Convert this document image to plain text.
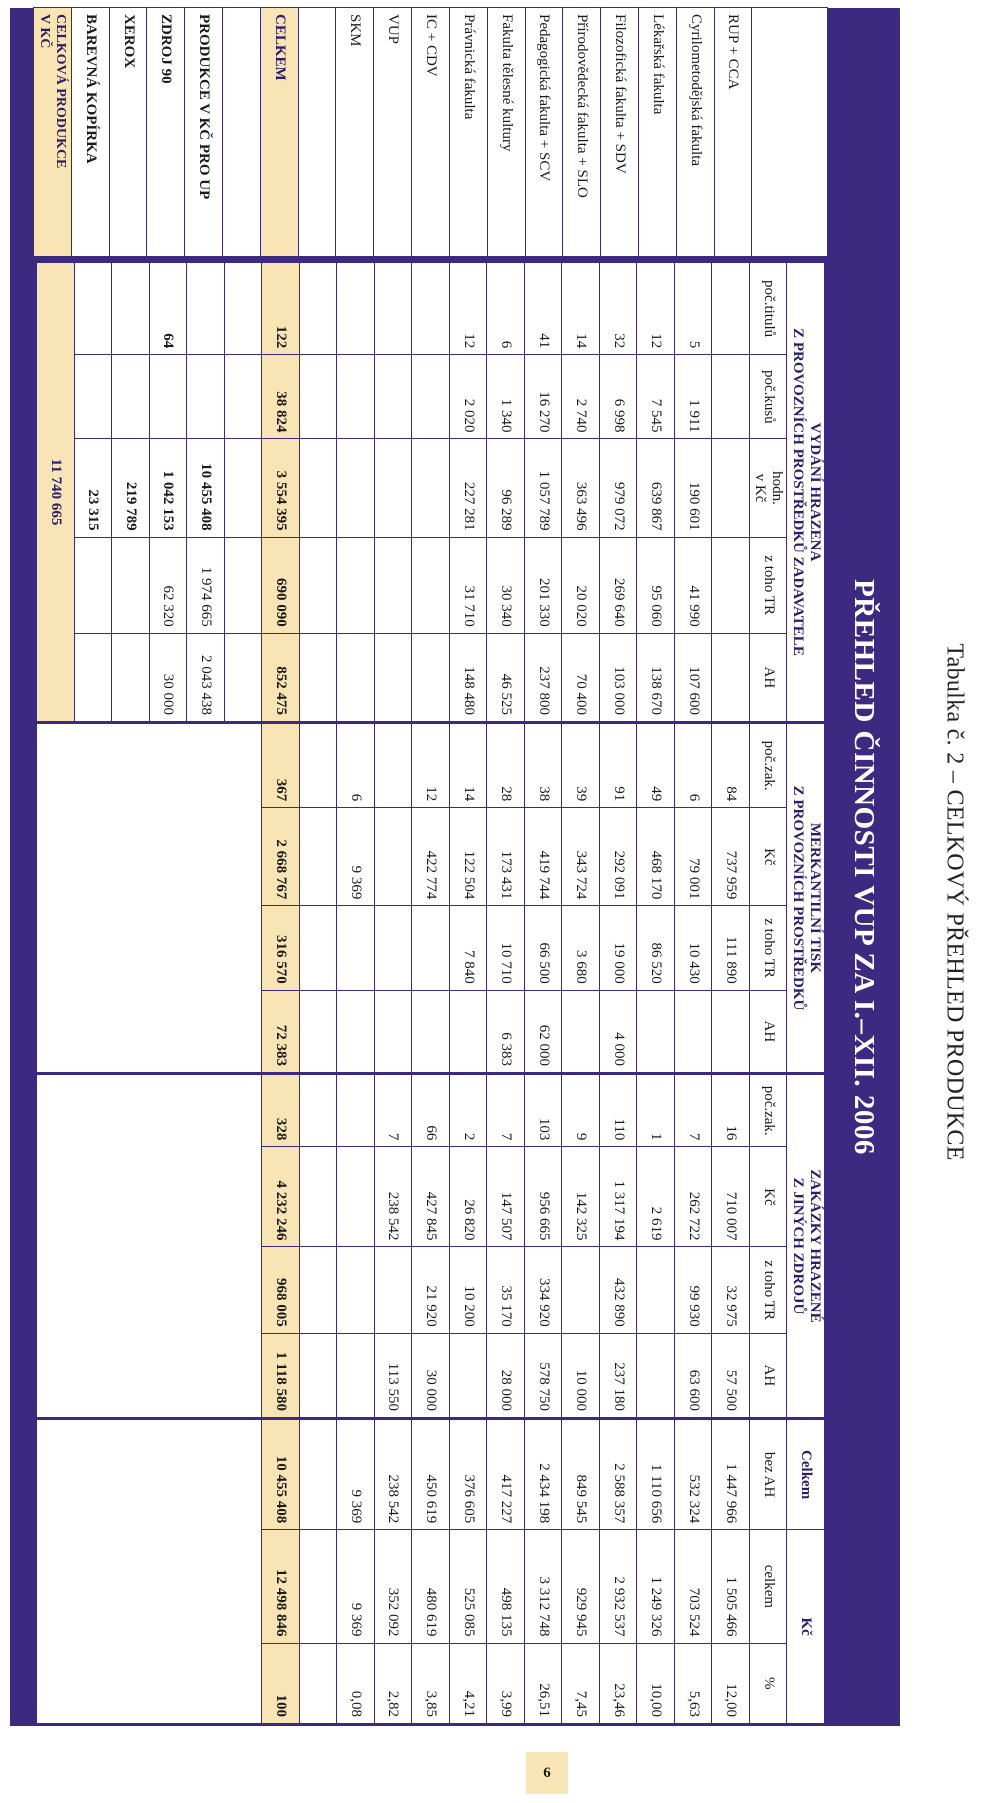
Tabulka č. 2 – CELKOVÝ PŘEHLED PRODUKCE
6
PŘEHLED ČINNOSTI VUP ZA I.–XII. 2006
RUP + CCA
Cyrilometodějská fakulta
Lékařská fakulta
Filozofická fakulta + SDV
Přírodovědecká fakulta + SLO
Pedagogická fakulta + SCV
Fakulta tělesné kultury
Právnická fakulta
IC + CDV
VUP
SKM
CELKEM
PRODUKCE V KČ PRO UP
ZDROJ 90
XEROX
BAREVNÁ KOPÍRKA
CELKOVÁ PRODUKCE
V KČ
VYDÁNÍ HRAZENA
Z PROVOZNÍCH PROSTŘEDKŮ ZADAVATELE
poč.titulů
poč.kusů
hodn.
v Kč
z toho TR
AH
5
1 911
190 601
41 990
107 600
12
7 545
639 867
95 060
138 670
32
6 998
979 072
269 640
103 000
14
2 740
363 496
20 020
70 400
41
16 270
1 057 789
201 330
237 800
6
1 340
96 289
30 340
46 525
12
2 020
227 281
31 710
148 480
122
38 824
3 554 395
690 090
852 475
10 455 408
1 974 665
2 043 438
64
1 042 153
62 320
30 000
219 789
23 315
11 740 665
MERKANTILNÍ TISK
Z PROVOZNÍCH PROSTŘEDKŮ
poč.zak.
Kč
z toho TR
AH
84
737 959
111 890
6
79 001
10 430
49
468 170
86 520
91
292 091
19 000
4 000
39
343 724
3 680
38
419 744
66 500
62 000
28
173 431
10 710
6 383
14
122 504
7 840
12
422 774
6
9 369
367
2 668 767
316 570
72 383
ZAKÁZKY HRAZENÉ
Z JINÝCH ZDROJŮ
poč.zak.
Kč
z toho TR
AH
16
710 007
32 975
57 500
7
262 722
99 930
63 600
1
2 619
110
1 317 194
432 890
237 180
9
142 325
10 000
103
956 665
334 920
578 750
7
147 507
35 170
28 000
2
26 820
10 200
66
427 845
21 920
30 000
7
238 542
113 550
328
4 232 246
968 005
1 118 580
Celkem
Kč
bez AH
celkem
%
1 447 966
1 505 466
12,00
532 324
703 524
5,63
1 110 656
1 249 326
10,00
2 588 357
2 932 537
23,46
849 545
929 945
7,45
2 434 198
3 312 748
26,51
417 227
498 135
3,99
376 605
525 085
4,21
450 619
480 619
3,85
238 542
352 092
2,82
9 369
9 369
0,08
10 455 408
12 498 846
100
